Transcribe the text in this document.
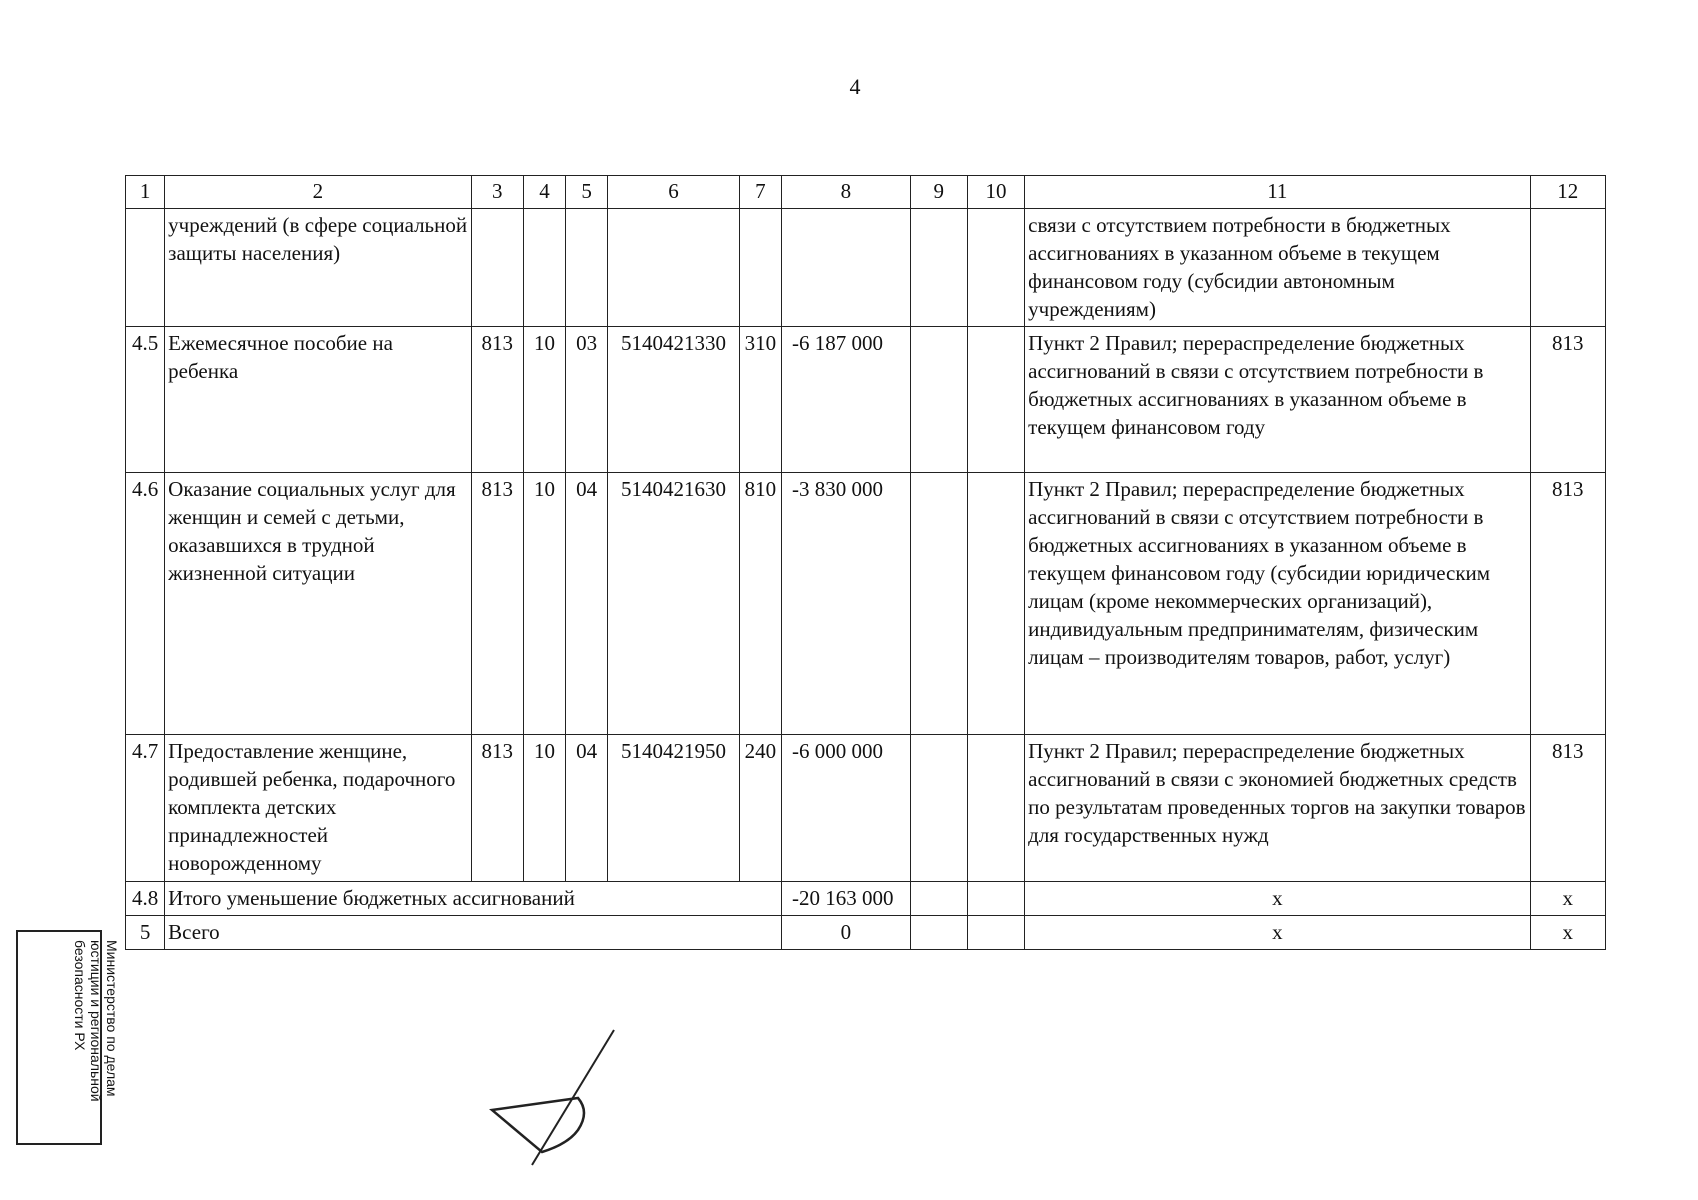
4
1	2	3	4	5	6	7	8	9	10	11	12
	учреждений (в сфере социальной защиты населения)									связи с отсутствием потребности в бюджетных ассигнованиях в указанном объеме в текущем финансовом году (субсидии автономным учреждениям)	
4.5	Ежемесячное пособие на ребенка	813	10	03	5140421330	310	-6 187 000			Пункт 2 Правил; перераспределение бюджетных ассигнований в связи с отсутствием потребности в бюджетных ассигнованиях в указанном объеме в текущем финансовом году	813
4.6	Оказание социальных услуг для женщин и семей с детьми, оказавшихся в трудной жизненной ситуации	813	10	04	5140421630	810	-3 830 000			Пункт 2 Правил; перераспределение бюджетных ассигнований в связи с отсутствием потребности в бюджетных ассигнованиях в указанном объеме в текущем финансовом году (субсидии юридическим лицам (кроме некоммерческих организаций), индивидуальным предпринимателям, физическим лицам – производителям товаров, работ, услуг)	813
4.7	Предоставление женщине, родившей ребенка, подарочного комплекта детских принадлежностей новорожденному	813	10	04	5140421950	240	-6 000 000			Пункт 2 Правил; перераспределение бюджетных ассигнований в связи с экономией бюджетных средств по результатам проведенных торгов на закупки товаров для государственных нужд	813
4.8	Итого уменьшение бюджетных ассигнований						-20 163 000			x	x
5	Всего						0			x	x
Министерство по делам
юстиции и региональной
безопасности РХ
